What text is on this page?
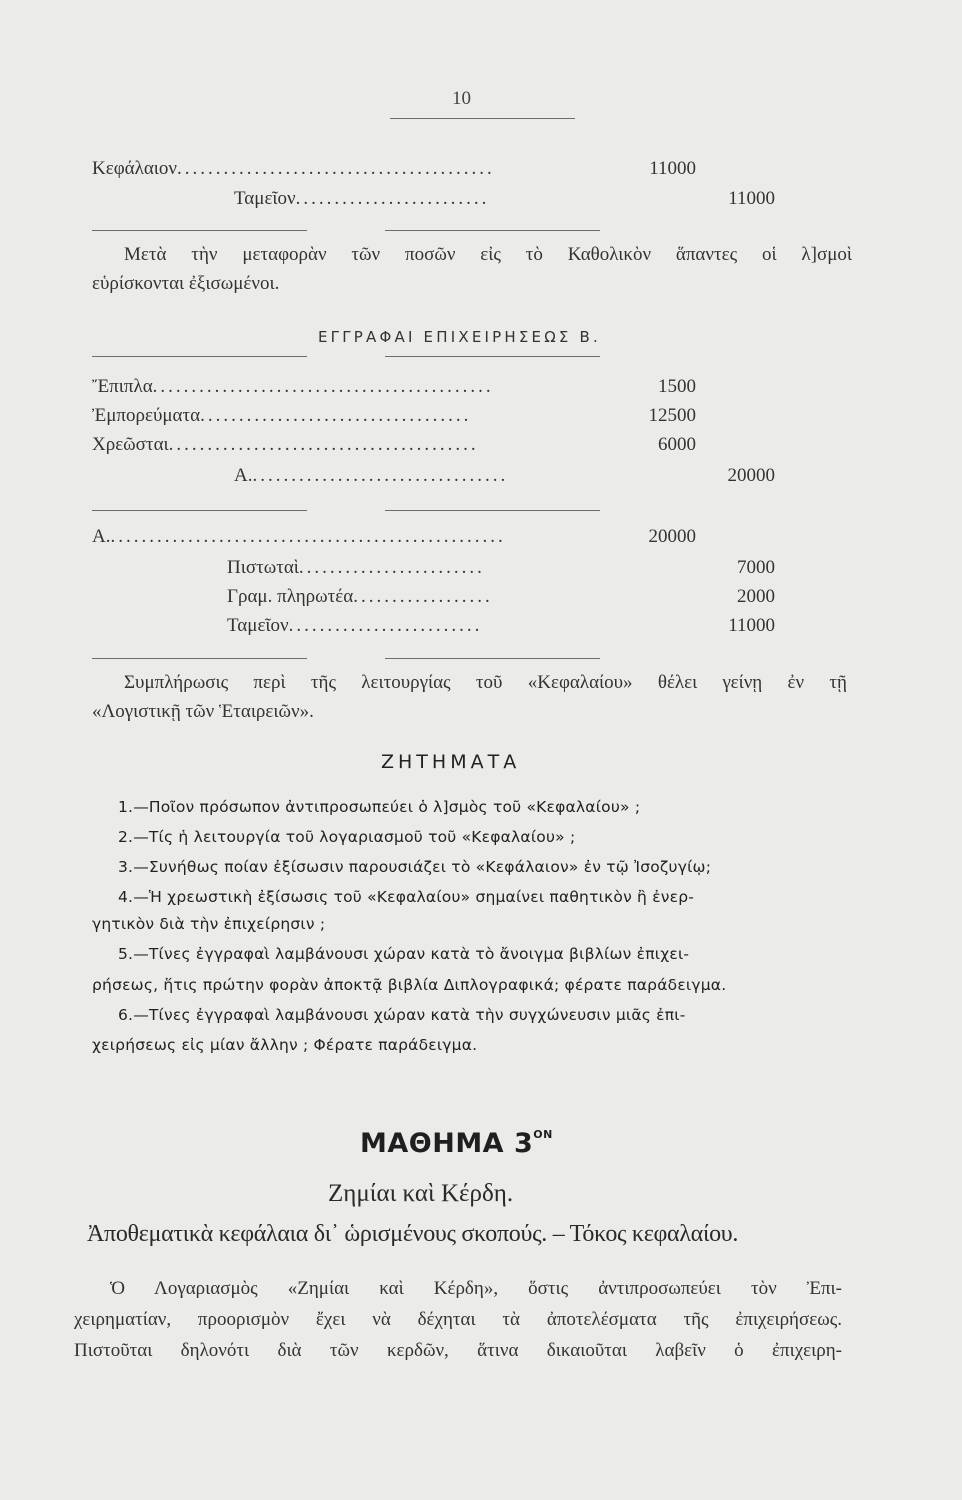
10
Κεφάλαιον.........................................	11000
Ταμεῖον.........................	11000
Μετὰ τὴν μεταφορὰν τῶν ποσῶν εἰς τὸ Καθολικὸν ἅπαντες οἱ λ]σμοὶ
εὑρίσκονται ἐξισωμένοι.
ΕΓΓΡΑΦΑΙ ΕΠΙΧΕΙΡΗΣΕΩΣ Β.
Ἔπιπλα............................................	1500
Ἐμπορεύματα...................................	12500
Χρεῶσται........................................	6000
Α..................................	20000
Α....................................................	20000
Πιστωταὶ........................	7000
Γραμ. πληρωτέα..................	2000
Ταμεῖον.........................	11000
Συμπλήρωσις περὶ τῆς λειτουργίας τοῦ «Κεφαλαίου» θέλει γείνῃ ἐν τῇ
«Λογιστικῇ τῶν Ἑταιρειῶν».
ΖΗΤΗΜΑΤΑ
1.—Ποῖον πρόσωπον ἀντιπροσωπεύει ὁ λ]σμὸς τοῦ «Κεφαλαίου» ;
2.—Τίς ἡ λειτουργία τοῦ λογαριασμοῦ τοῦ «Κεφαλαίου» ;
3.—Συνήθως ποίαν ἐξίσωσιν παρουσιάζει τὸ «Κεφάλαιον» ἐν τῷ Ἰσοζυγίῳ;
4.—Ἡ χρεωστικὴ ἐξίσωσις τοῦ «Κεφαλαίου» σημαίνει παθητικὸν ἢ ἐνερ-
γητικὸν διὰ τὴν ἐπιχείρησιν ;
5.—Τίνες ἐγγραφαὶ λαμβάνουσι χώραν κατὰ τὸ ἄνοιγμα βιβλίων ἐπιχει-
ρήσεως, ἥτις πρώτην φορὰν ἀποκτᾷ βιβλία Διπλογραφικά; φέρατε παράδειγμα.
6.—Τίνες ἐγγραφαὶ λαμβάνουσι χώραν κατὰ τὴν συγχώνευσιν μιᾶς ἐπι-
χειρήσεως εἰς μίαν ἄλλην ; Φέρατε παράδειγμα.
ΜΑΘΗΜΑ $3^{ON}$
Ζημίαι καὶ Κέρδη.
Ἀποθεματικὰ κεφάλαια δι᾽ ὡρισμένους σκοπούς. – Τόκος κεφαλαίου.
Ὁ Λογαριασμὸς «Ζημίαι καὶ Κέρδη», ὅστις ἀντιπροσωπεύει τὸν Ἐπι-
χειρηματίαν, προορισμὸν ἔχει νὰ δέχηται τὰ ἀποτελέσματα τῆς ἐπιχειρήσεως.
Πιστοῦται δηλονότι διὰ τῶν κερδῶν, ἅτινα δικαιοῦται λαβεῖν ὁ ἐπιχειρη-
